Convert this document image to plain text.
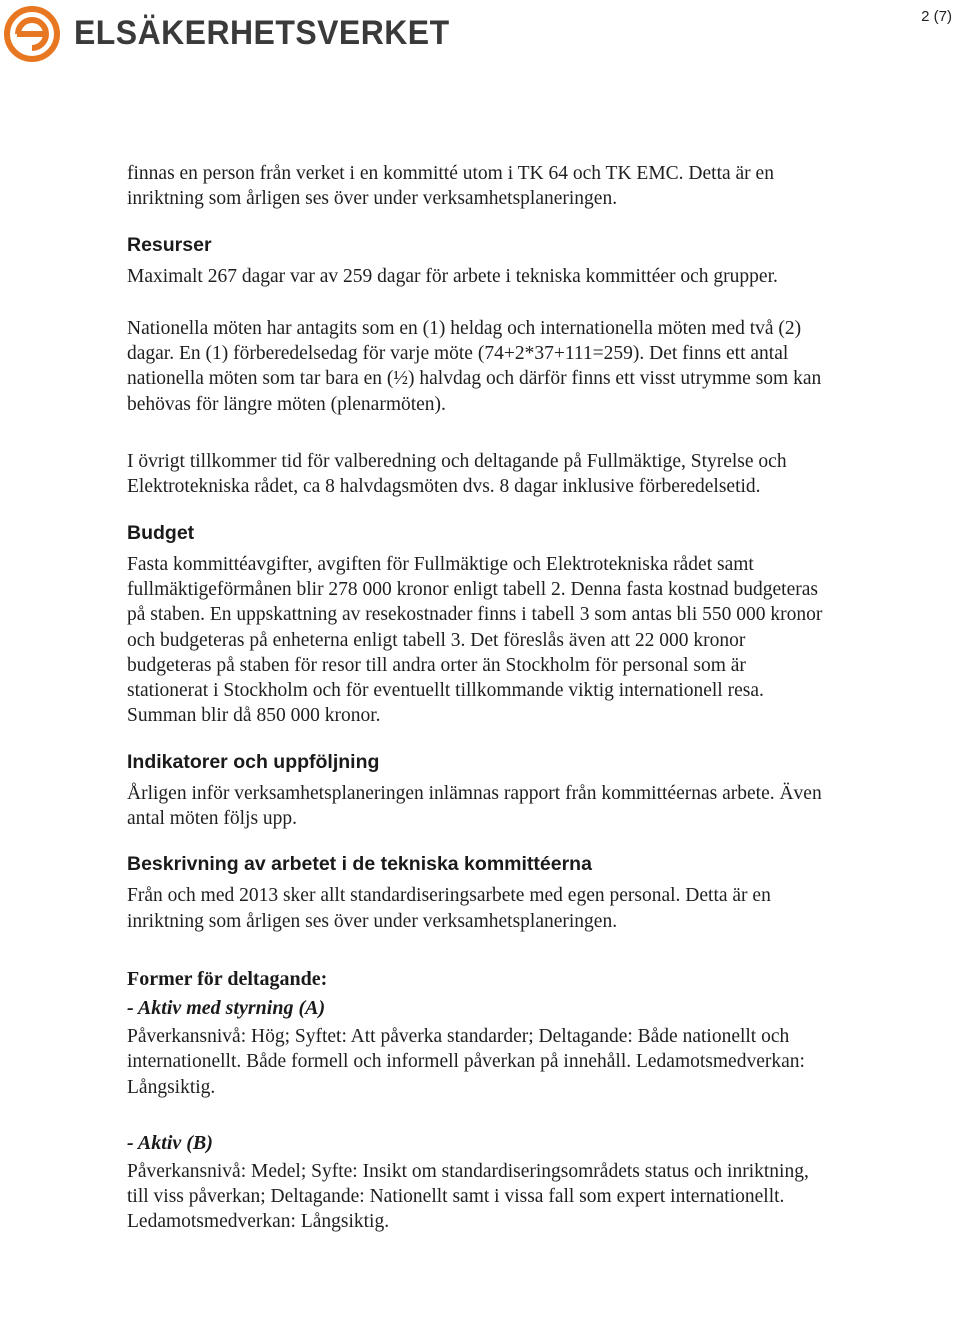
ELSÄKERHETSVERKET	2 (7)

finnas en person från verket i en kommitté utom i TK 64 och TK EMC. Detta är en inriktning som årligen ses över under verksamhetsplaneringen.

Resurser

Maximalt 267 dagar var av 259 dagar för arbete i tekniska kommittéer och grupper.

Nationella möten har antagits som en (1) heldag och internationella möten med två (2) dagar. En (1) förberedelsedag för varje möte (74+2*37+111=259). Det finns ett antal nationella möten som tar bara en (½) halvdag och därför finns ett visst utrymme som kan behövas för längre möten (plenarmöten).

I övrigt tillkommer tid för valberedning och deltagande på Fullmäktige, Styrelse och Elektrotekniska rådet, ca 8 halvdagsmöten dvs. 8 dagar inklusive förberedelsetid.

Budget

Fasta kommittéavgifter, avgiften för Fullmäktige och Elektrotekniska rådet samt fullmäktigeförmånen blir 278 000 kronor enligt tabell 2. Denna fasta kostnad budgeteras på staben. En uppskattning av resekostnader finns i tabell 3 som antas bli 550 000 kronor och budgeteras på enheterna enligt tabell 3. Det föreslås även att 22 000 kronor budgeteras på staben för resor till andra orter än Stockholm för personal som är stationerat i Stockholm och för eventuellt tillkommande viktig internationell resa. Summan blir då 850 000 kronor.

Indikatorer och uppföljning

Årligen inför verksamhetsplaneringen inlämnas rapport från kommittéernas arbete. Även antal möten följs upp.

Beskrivning av arbetet i de tekniska kommittéerna

Från och med 2013 sker allt standardiseringsarbete med egen personal. Detta är en inriktning som årligen ses över under verksamhetsplaneringen.

Former för deltagande:
- Aktiv med styrning (A)

Påverkansnivå: Hög; Syftet: Att påverka standarder; Deltagande: Både nationellt och internationellt. Både formell och informell påverkan på innehåll. Ledamotsmedverkan: Långsiktig.

- Aktiv (B)

Påverkansnivå: Medel; Syfte: Insikt om standardiseringsområdets status och inriktning, till viss påverkan; Deltagande: Nationellt samt i vissa fall som expert internationellt. Ledamotsmedverkan: Långsiktig.
